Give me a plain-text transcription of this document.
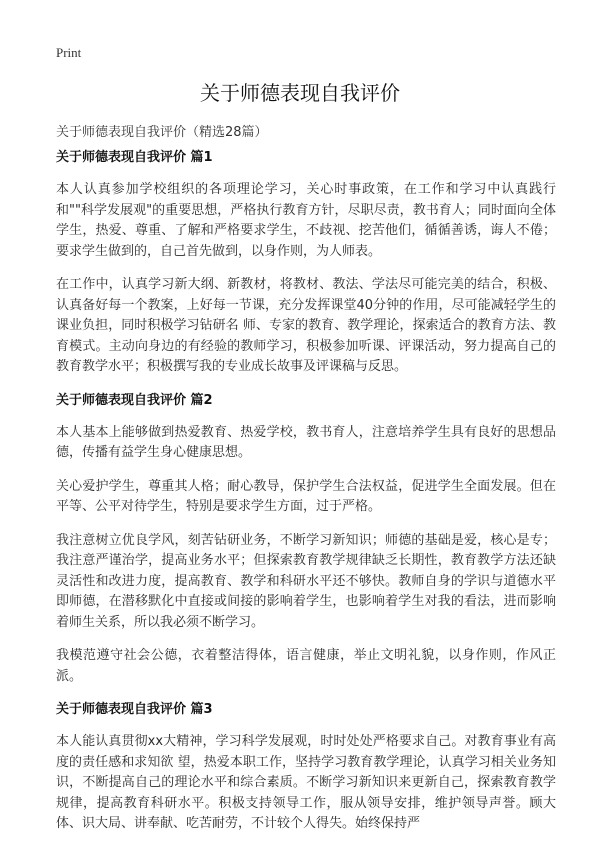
Print
关于师德表现自我评价
关于师德表现自我评价（精选28篇）
关于师德表现自我评价 篇1

本人认真参加学校组织的各项理论学习，关心时事政策，在工作和学习中认真践行和""科学发展观"的重要思想，严格执行教育方针，尽职尽责，教书育人；同时面向全体学生，热爱、尊重、了解和严格要求学生，不歧视、挖苦他们，循循善诱，诲人不倦；要求学生做到的，自己首先做到，以身作则，为人师表。

在工作中，认真学习新大纲、新教材，将教材、教法、学法尽可能完美的结合，积极、认真备好每一个教案，上好每一节课，充分发挥课堂40分钟的作用，尽可能减轻学生的课业负担，同时积极学习钻研名 师、专家的教育、教学理论，探索适合的教育方法、教育模式。主动向身边的有经验的教师学习，积极参加听课、评课活动，努力提高自己的教育教学水平；积极撰写我的专业成长故事及评课稿与反思。

关于师德表现自我评价 篇2

本人基本上能够做到热爱教育、热爱学校，教书育人，注意培养学生具有良好的思想品德，传播有益学生身心健康思想。

关心爱护学生，尊重其人格；耐心教导，保护学生合法权益，促进学生全面发展。但在平等、公平对待学生，特别是要求学生方面，过于严格。

我注意树立优良学风，刻苦钻研业务，不断学习新知识；师德的基础是爱，核心是专；我注意严谨治学，提高业务水平；但探索教育教学规律缺乏长期性，教育教学方法还缺灵活性和改进力度，提高教育、教学和科研水平还不够快。教师自身的学识与道德水平即师德，在潜移默化中直接或间接的影响着学生，也影响着学生对我的看法，进而影响着师生关系，所以我必须不断学习。

我模范遵守社会公德，衣着整洁得体，语言健康，举止文明礼貌，以身作则，作风正派。

关于师德表现自我评价 篇3

本人能认真贯彻xx大精神，学习科学发展观，时时处处严格要求自己。对教育事业有高度的责任感和求知欲 望，热爱本职工作，坚持学习教育教学理论，认真学习相关业务知识，不断提高自己的理论水平和综合素质。不断学习新知识来更新自己，探索教育教学规律，提高教育科研水平。积极支持领导工作，服从领导安排，维护领导声誉。顾大体、识大局、讲奉献、吃苦耐劳，不计较个人得失。始终保持严
